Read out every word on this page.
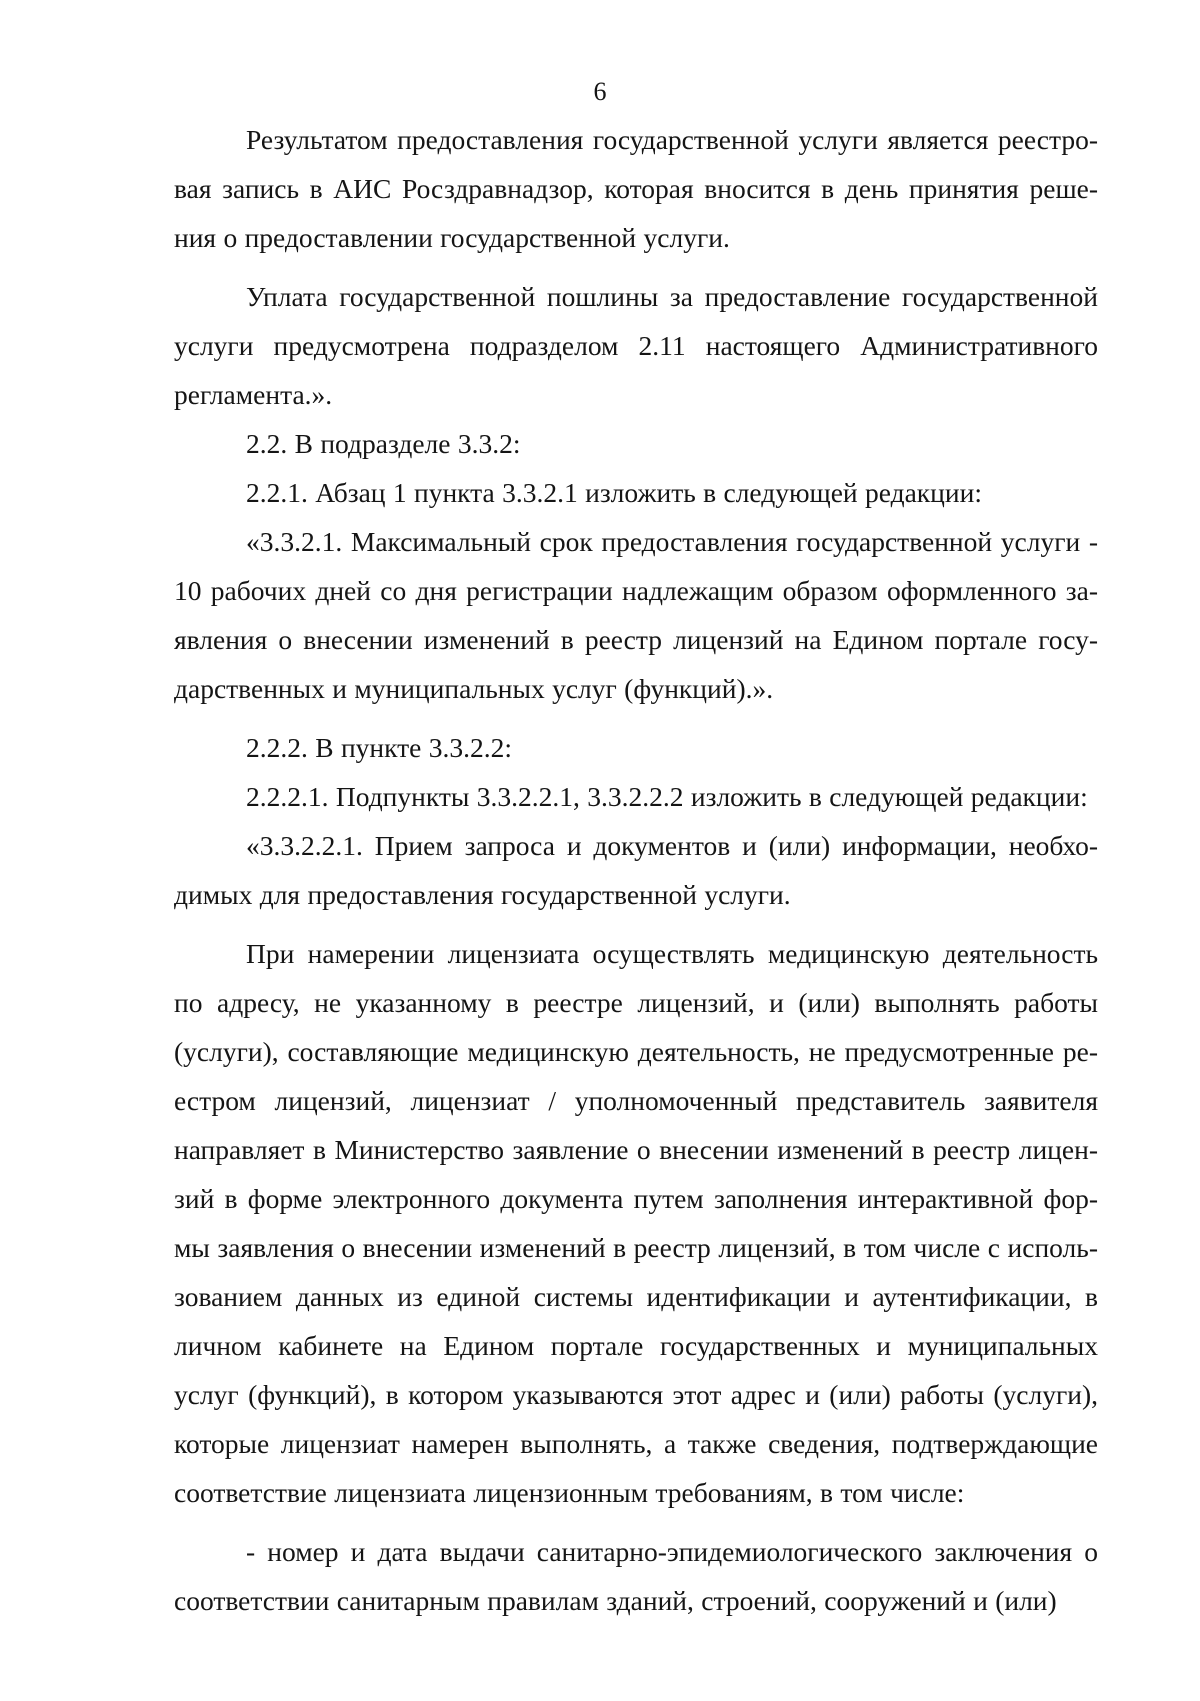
6

Результатом предоставления государственной услуги является реестровая запись в АИС Росздравнадзор, которая вносится в день принятия решения о предоставлении государственной услуги.

Уплата государственной пошлины за предоставление государственной услуги предусмотрена подразделом 2.11 настоящего Административного регламента.».

2.2. В подразделе 3.3.2:

2.2.1. Абзац 1 пункта 3.3.2.1 изложить в следующей редакции:

«3.3.2.1. Максимальный срок предоставления государственной услуги - 10 рабочих дней со дня регистрации надлежащим образом оформленного заявления о внесении изменений в реестр лицензий на Едином портале государственных и муниципальных услуг (функций).».

2.2.2. В пункте 3.3.2.2:

2.2.2.1. Подпункты 3.3.2.2.1, 3.3.2.2.2 изложить в следующей редакции:

«3.3.2.2.1. Прием запроса и документов и (или) информации, необходимых для предоставления государственной услуги.

При намерении лицензиата осуществлять медицинскую деятельность по адресу, не указанному в реестре лицензий, и (или) выполнять работы (услуги), составляющие медицинскую деятельность, не предусмотренные реестром лицензий, лицензиат / уполномоченный представитель заявителя направляет в Министерство заявление о внесении изменений в реестр лицензий в форме электронного документа путем заполнения интерактивной формы заявления о внесении изменений в реестр лицензий, в том числе с использованием данных из единой системы идентификации и аутентификации, в личном кабинете на Едином портале государственных и муниципальных услуг (функций), в котором указываются этот адрес и (или) работы (услуги), которые лицензиат намерен выполнять, а также сведения, подтверждающие соответствие лицензиата лицензионным требованиям, в том числе:

- номер и дата выдачи санитарно-эпидемиологического заключения о соответствии санитарным правилам зданий, строений, сооружений и (или)
